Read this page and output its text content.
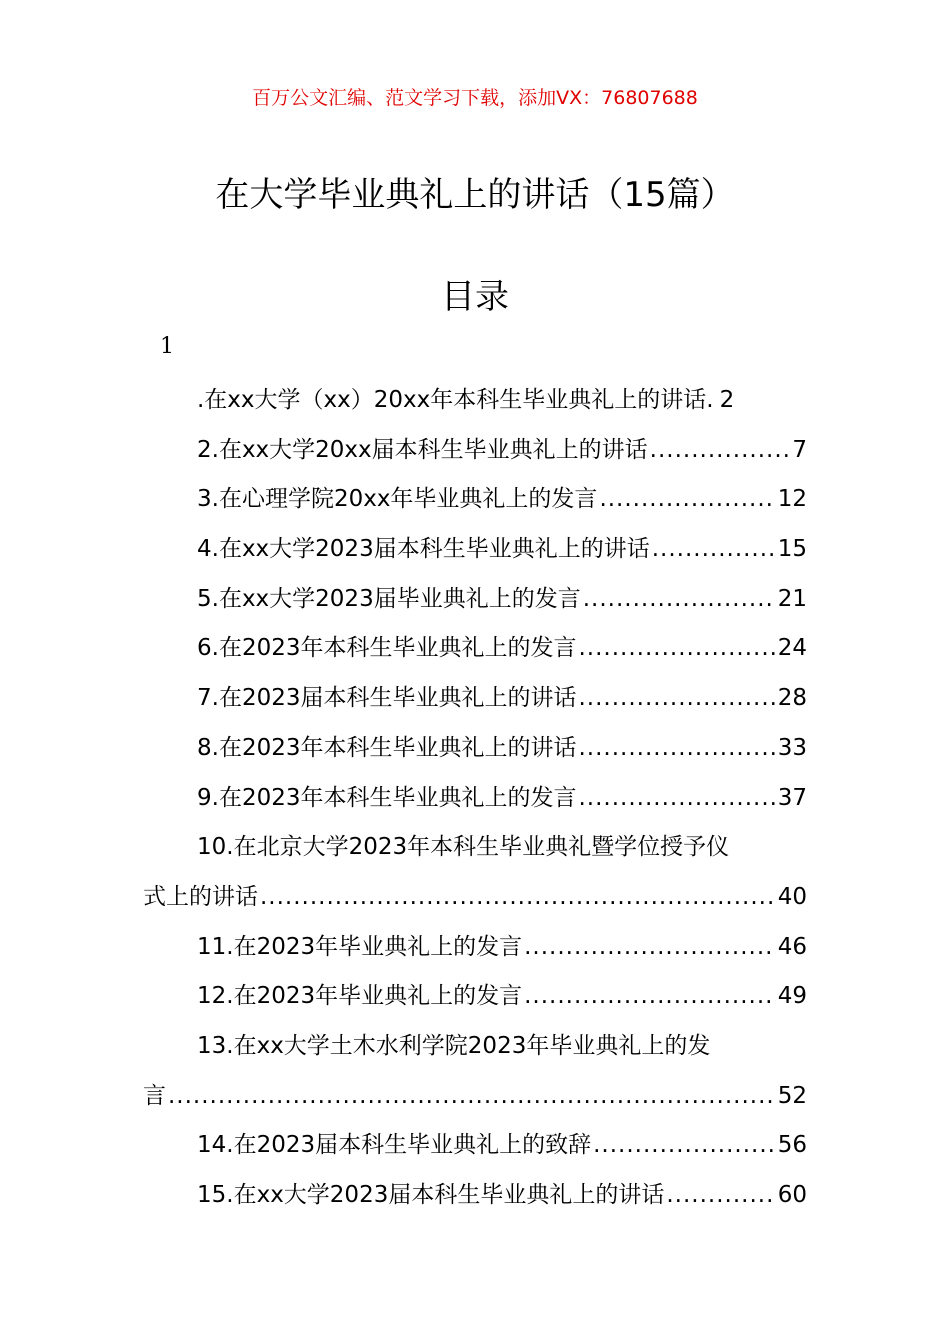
百万公文汇编、范文学习下载，添加VX：76807688
在大学毕业典礼上的讲话（15篇）
目录
1
.在xx大学（xx）20xx年本科生毕业典礼上的讲话. 2
2.在xx大学20xx届本科生毕业典礼上的讲话 .....	7
3.在心理学院20xx年毕业典礼上的发言 .....	12
4.在xx大学2023届本科生毕业典礼上的讲话 .....	15
5.在xx大学2023届毕业典礼上的发言 .....	21
6.在2023年本科生毕业典礼上的发言 .....	24
7.在2023届本科生毕业典礼上的讲话 .....	28
8.在2023年本科生毕业典礼上的讲话 .....	33
9.在2023年本科生毕业典礼上的发言 .....	37
10.在北京大学2023年本科生毕业典礼暨学位授予仪
式上的讲话 .....	40
11.在2023年毕业典礼上的发言 .....	46
12.在2023年毕业典礼上的发言 .....	49
13.在xx大学土木水利学院2023年毕业典礼上的发
言 .....	52
14.在2023届本科生毕业典礼上的致辞 .....	56
15.在xx大学2023届本科生毕业典礼上的讲话 .....	60
